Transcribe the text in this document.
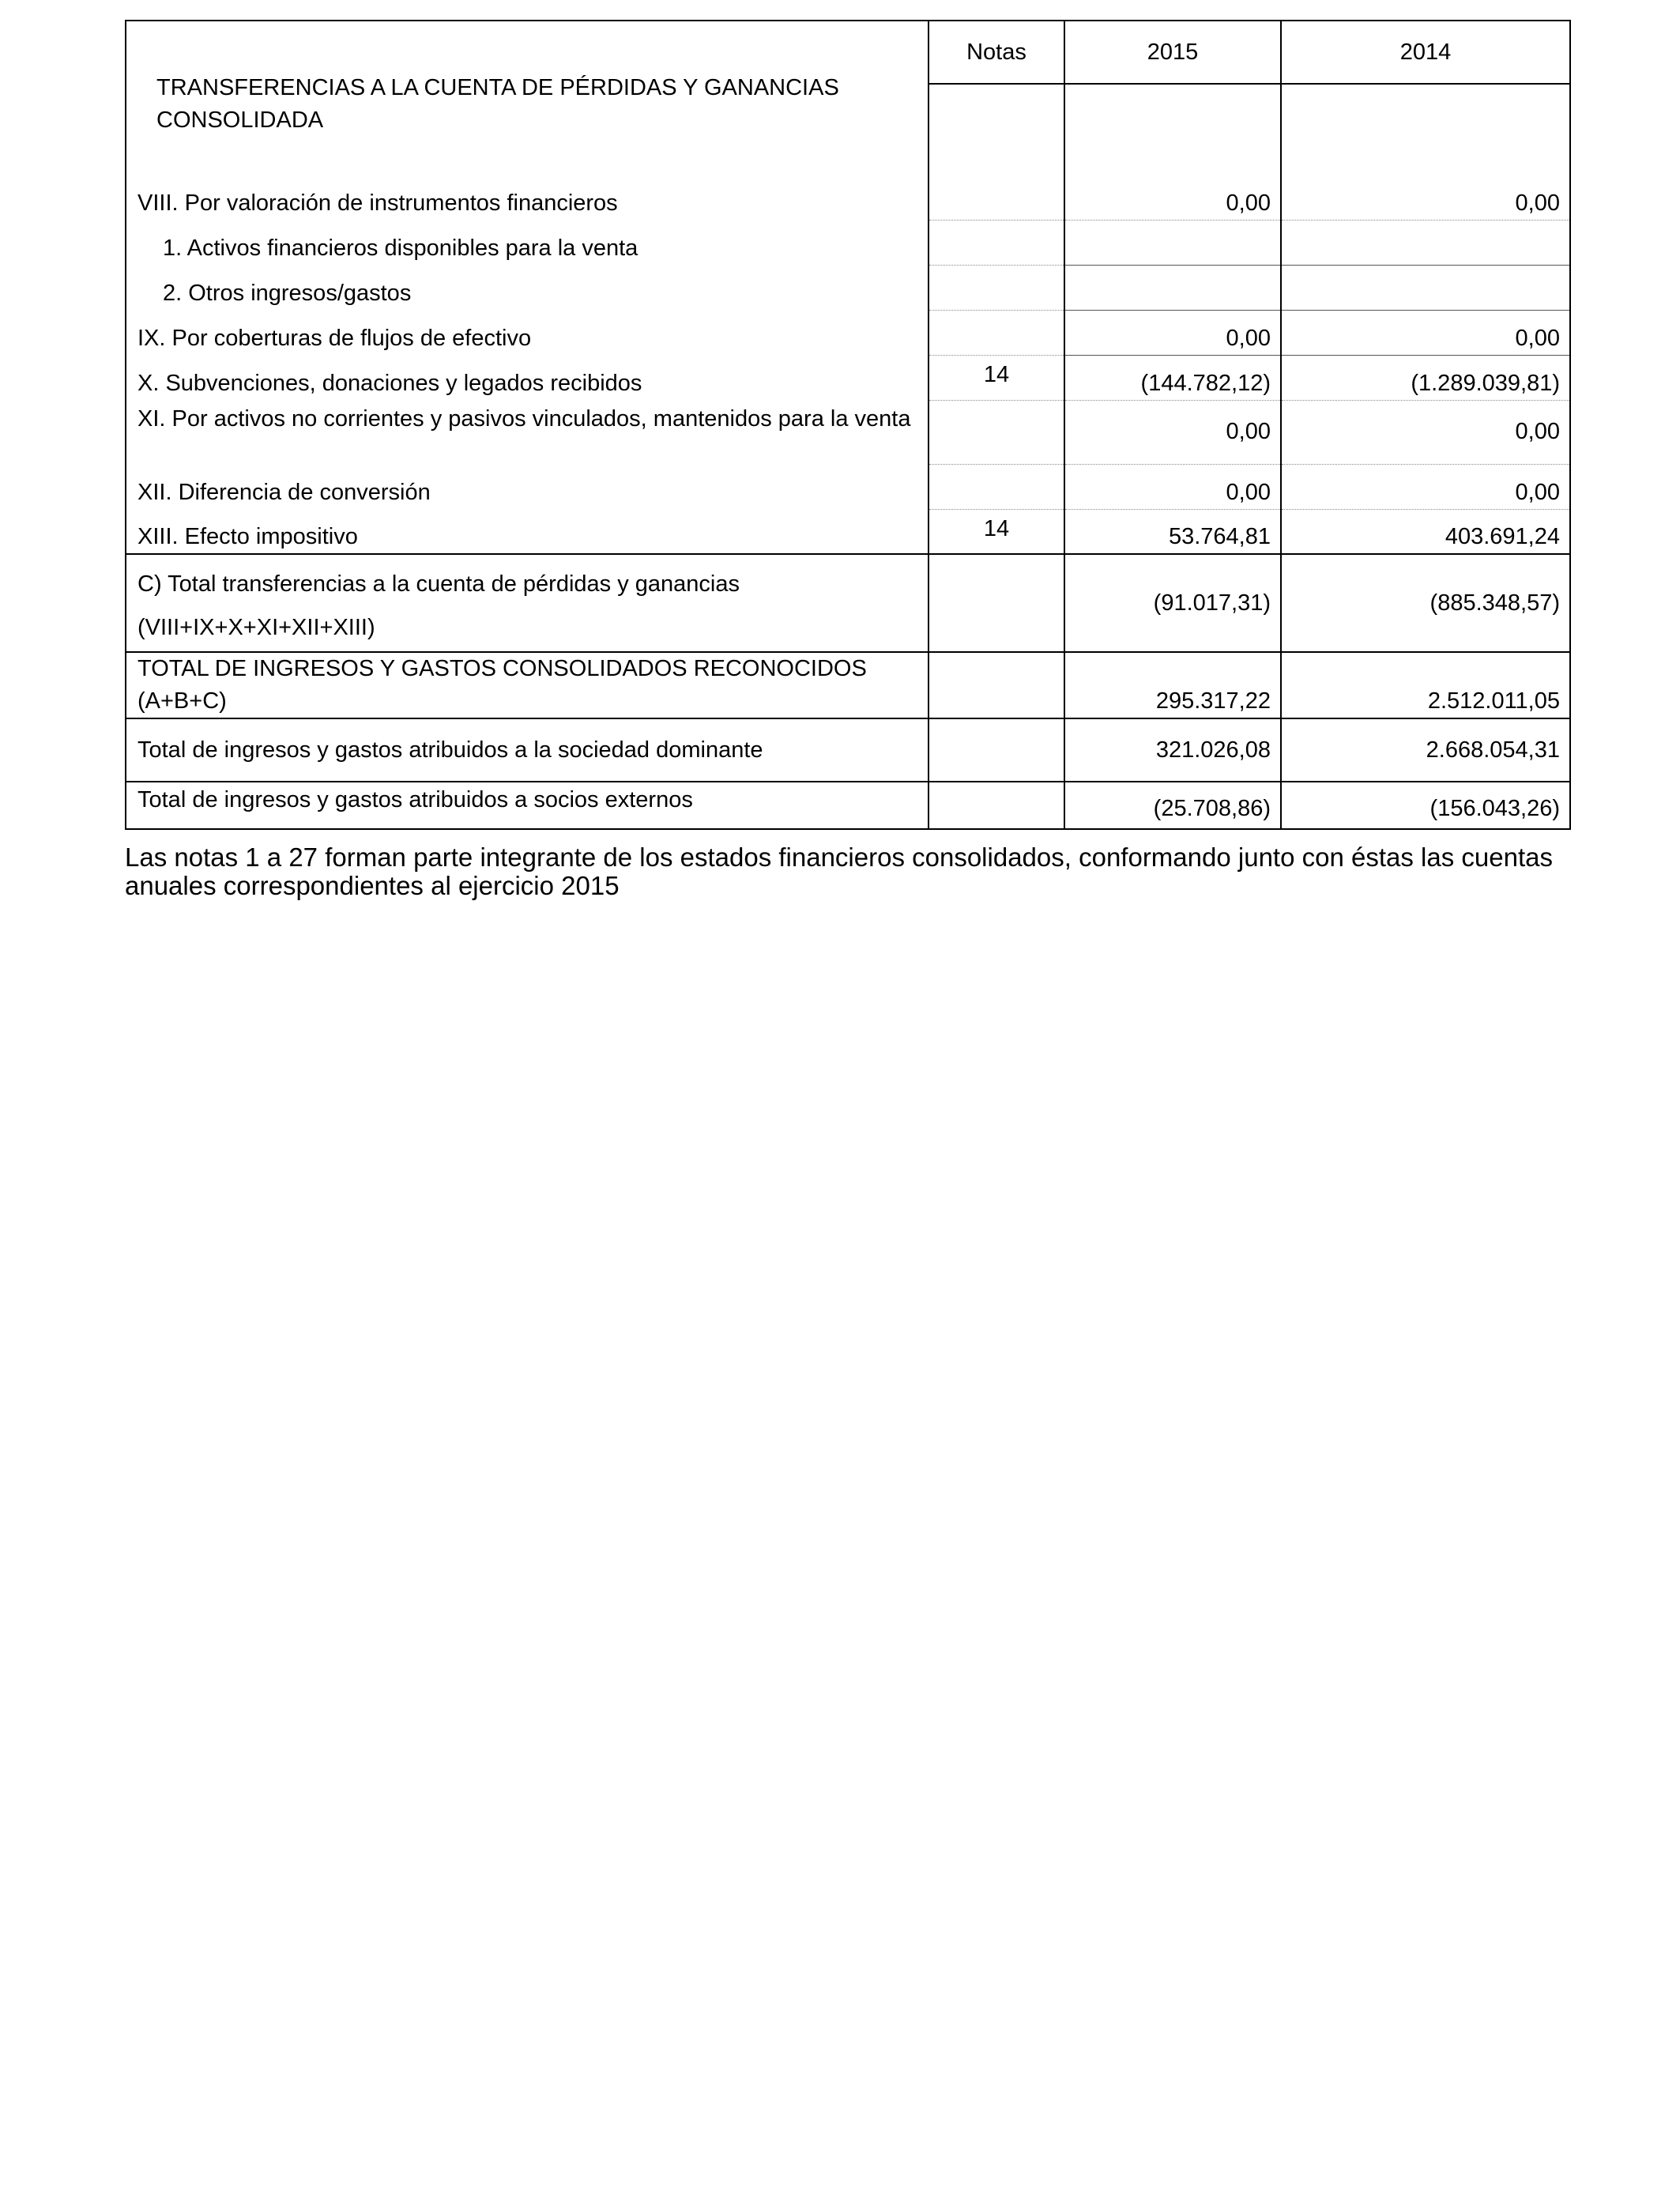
TRANSFERENCIAS A LA CUENTA DE PÉRDIDAS Y GANANCIAS CONSOLIDADA	Notas	2015	2014

VIII. Por valoración de instrumentos financieros		0,00	0,00
1. Activos financieros disponibles para la venta			
2. Otros ingresos/gastos			
IX. Por coberturas de flujos de efectivo		0,00	0,00
X. Subvenciones, donaciones y legados recibidos	14	(144.782,12)	(1.289.039,81)
XI. Por activos no corrientes y pasivos vinculados, mantenidos para la venta		0,00	0,00
XII. Diferencia de conversión		0,00	0,00
XIII. Efecto impositivo	14	53.764,81	403.691,24

C) Total transferencias a la cuenta de pérdidas y ganancias
(VIII+IX+X+XI+XII+XIII)		(91.017,31)	(885.348,57)
TOTAL DE INGRESOS Y GASTOS CONSOLIDADOS RECONOCIDOS (A+B+C)		295.317,22	2.512.011,05
Total de ingresos y gastos atribuidos a la sociedad dominante		321.026,08	2.668.054,31
Total de ingresos y gastos atribuidos a socios externos		(25.708,86)	(156.043,26)

Las notas 1 a 27 forman parte integrante de los estados financieros consolidados, conformando junto con éstas las cuentas anuales correspondientes al ejercicio 2015
